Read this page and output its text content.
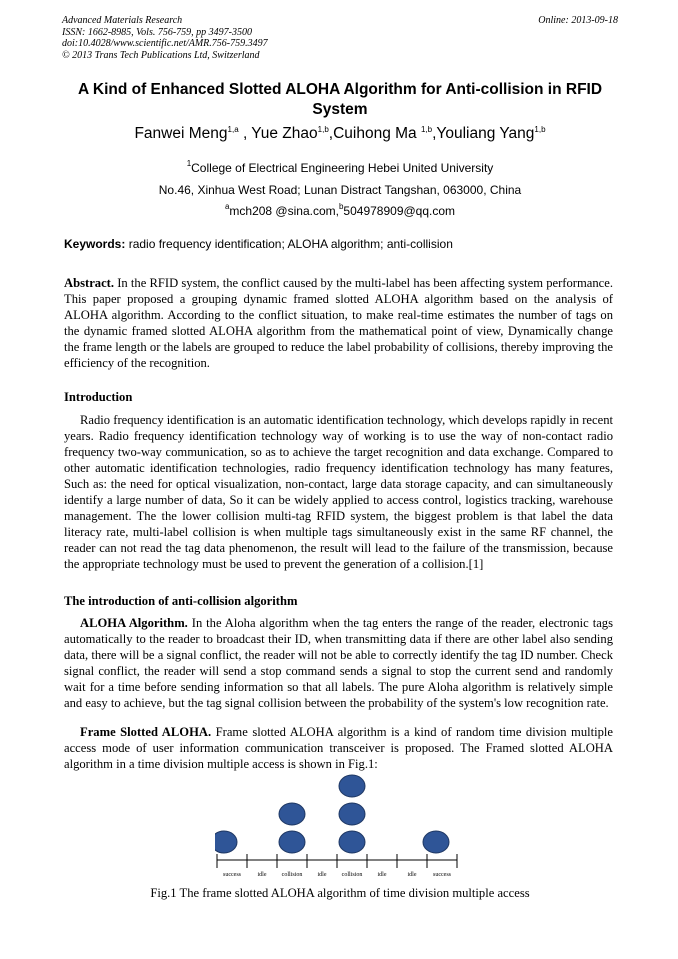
Advanced Materials Research
ISSN: 1662-8985, Vols. 756-759, pp 3497-3500
doi:10.4028/www.scientific.net/AMR.756-759.3497
© 2013 Trans Tech Publications Ltd, Switzerland
Online: 2013-09-18
A Kind of Enhanced Slotted ALOHA Algorithm for Anti-collision in RFID System
Fanwei Meng$^{1,a}$ , Yue Zhao$^{1,b}$,Cuihong Ma $^{1,b}$,Youliang Yang$^{1,b}$
$^1$College of Electrical Engineering Hebei United University
No.46, Xinhua West Road; Lunan Distract Tangshan, 063000, China
$^a$mch208 @sina.com,$^b$504978909@qq.com
Keywords: radio frequency identification; ALOHA algorithm; anti-collision
Abstract. In the RFID system, the conflict caused by the multi-label has been affecting system performance. This paper proposed a grouping dynamic framed slotted ALOHA algorithm based on the analysis of ALOHA algorithm. According to the conflict situation, to make real-time estimates the number of tags on the dynamic framed slotted ALOHA algorithm from the mathematical point of view, Dynamically change the frame length or the labels are grouped to reduce the label probability of collisions, thereby improving the efficiency of the recognition.
Introduction
Radio frequency identification is an automatic identification technology, which develops rapidly in recent years. Radio frequency identification technology way of working is to use the way of non-contact radio frequency two-way communication, so as to achieve the target recognition and data exchange. Compared to other automatic identification technologies, radio frequency identification technology has many features, Such as: the need for optical visualization, non-contact, large data storage capacity, and can simultaneously identify a large number of data, So it can be widely applied to access control, logistics tracking, warehouse management. The the lower collision multi-tag RFID system, the biggest problem is that label the data literacy rate, multi-label collision is when multiple tags simultaneously exist in the same RF channel, the reader can not read the tag data phenomenon, the result will lead to the failure of the transmission, because the appropriate technology must be used to prevent the generation of a collision.[1]
The introduction of anti-collision algorithm
ALOHA Algorithm. In the Aloha algorithm when the tag enters the range of the reader, electronic tags automatically to the reader to broadcast their ID, when transmitting data if there are other label also sending data, there will be a signal conflict, the reader will not be able to correctly identify the tag ID number. Check signal conflict, the reader will send a stop command sends a signal to stop the current send and randomly wait for a time before sending information so that all labels. The pure Aloha algorithm is relatively simple and easy to achieve, but the tag signal collision between the probability of the system's low recognition rate.
Frame Slotted ALOHA. Frame slotted ALOHA algorithm is a kind of random time division multiple access mode of user information communication transceiver is proposed. The Framed slotted ALOHA algorithm in a time division multiple access is shown in Fig.1:
success	idle	collision	idle	collision	idle	idle	success
Fig.1 The frame slotted ALOHA algorithm of time division multiple access
